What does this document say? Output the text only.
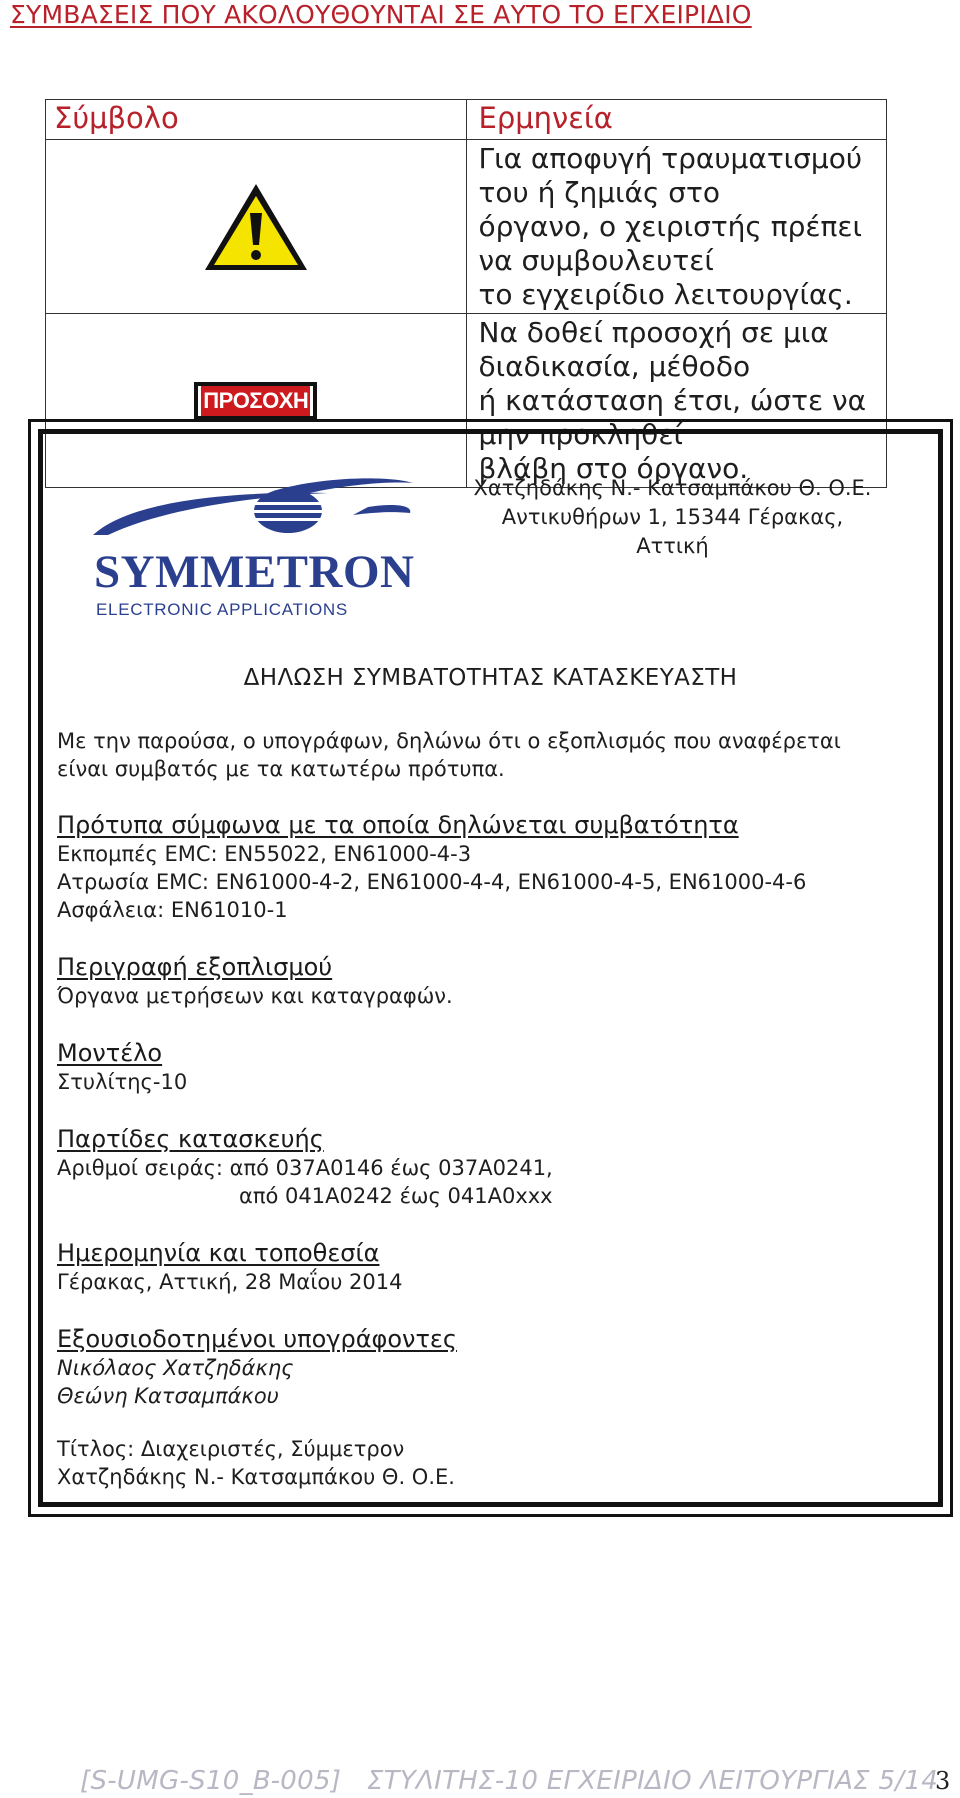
ΣΥΜΒΑΣΕΙΣ ΠΟΥ ΑΚΟΛΟΥΘΟΥΝΤΑΙ ΣΕ ΑΥΤΟ ΤΟ ΕΓΧΕΙΡΙΔΙΟ
Σύμβολο	Ερμηνεία

Για αποφυγή τραυματισμού του ή ζημιάς στο
όργανο, ο χειριστής πρέπει να συμβουλευτεί
το εγχειρίδιο λειτουργίας.

ΠΡΟΣΟΧΗ	Να δοθεί προσοχή σε μια διαδικασία, μέθοδο
ή κατάσταση έτσι, ώστε να μην προκληθεί
βλάβη στο όργανο.
SYMMETRON
ELECTRONIC APPLICATIONS
Χατζηδάκης Ν.- Κατσαμπάκου Θ. Ο.Ε.
Αντικυθήρων 1, 15344 Γέρακας,
Αττική
ΔΗΛΩΣΗ ΣΥΜΒΑΤΟΤΗΤΑΣ ΚΑΤΑΣΚΕΥΑΣΤΗ
Με την παρούσα, ο υπογράφων, δηλώνω ότι ο εξοπλισμός που αναφέρεται
είναι συμβατός με τα κατωτέρω πρότυπα.
Πρότυπα σύμφωνα με τα οποία δηλώνεται συμβατότητα
Εκπομπές EMC: EN55022, EN61000-4-3
Ατρωσία EMC: EN61000-4-2, EN61000-4-4, EN61000-4-5, EN61000-4-6
Ασφάλεια: EN61010-1
Περιγραφή εξοπλισμού
Όργανα μετρήσεων και καταγραφών.
Μοντέλο
Στυλίτης-10
Παρτίδες κατασκευής
Αριθμοί σειράς: από 037A0146 έως 037A0241,
από 041A0242 έως 041A0xxx
Ημερομηνία και τοποθεσία
Γέρακας, Αττική, 28 Μαΐου 2014
Εξουσιοδοτημένοι υπογράφοντες
Νικόλαος Χατζηδάκης
Θεώνη Κατσαμπάκου
Τίτλος: Διαχειριστές, Σύμμετρον
Χατζηδάκης Ν.- Κατσαμπάκου Θ. Ο.Ε.
[S-UMG-S10_B-005] ΣΤΥΛΙΤΗΣ-10 ΕΓΧΕΙΡΙΔΙΟ ΛΕΙΤΟΥΡΓΙΑΣ 5/14
3
